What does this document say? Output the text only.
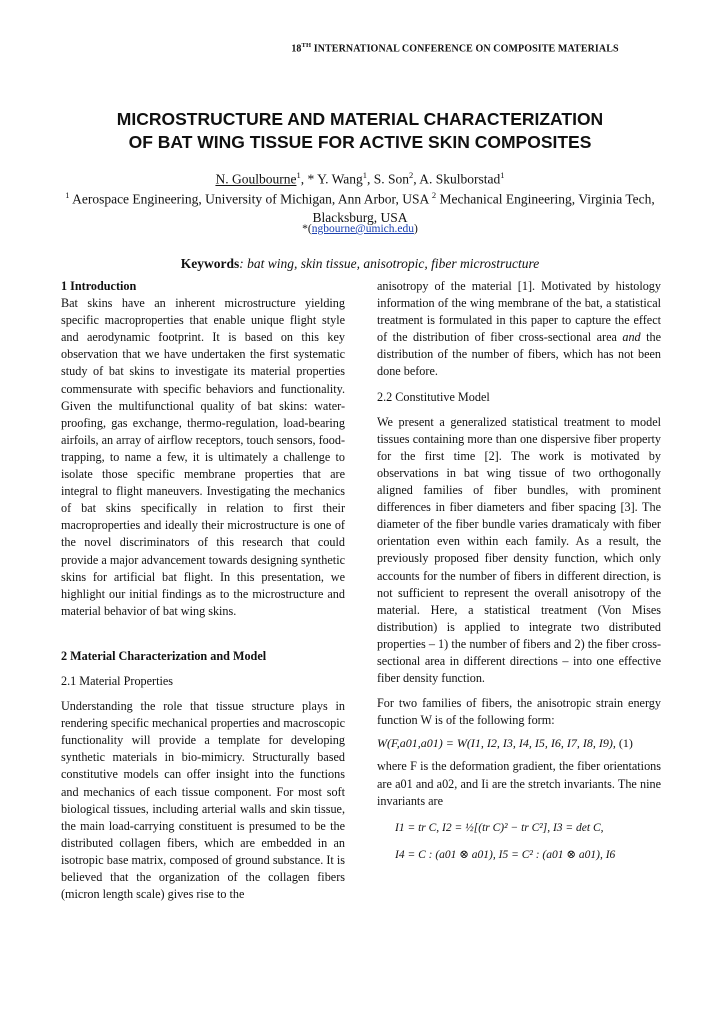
18TH INTERNATIONAL CONFERENCE ON COMPOSITE MATERIALS
MICROSTRUCTURE AND MATERIAL CHARACTERIZATION
OF BAT WING TISSUE FOR ACTIVE SKIN COMPOSITES
N. Goulbourne$^1$, * Y. Wang$^1$, S. Son$^2$, A. Skulborstad$^1$
$^1$ Aerospace Engineering, University of Michigan, Ann Arbor, USA $^2$ Mechanical Engineering, Virginia Tech, Blacksburg, USA
*(ngbourne@umich.edu)
Keywords: bat wing, skin tissue, anisotropic, fiber microstructure

1 Introduction

Bat skins have an inherent microstructure yielding specific macroproperties that enable unique flight style and aerodynamic footprint. It is based on this key observation that we have undertaken the first systematic study of bat skins to investigate its material properties commensurate with specific behaviors and functionality. Given the multifunctional quality of bat skins: water-proofing, gas exchange, thermo-regulation, load-bearing airfoils, an array of airflow receptors, touch sensors, food-trapping, to name a few, it is ultimately a challenge to isolate those specific membrane properties that are integral to flight maneuvers. Investigating the mechanics of bat skins specifically in relation to first their macroproperties and ideally their microstructure is one of the novel discriminators of this research that could provide a major advancement towards designing synthetic skins for artificial bat flight. In this presentation, we highlight our initial findings as to the microstructure and material behavior of bat wing skins.

2 Material Characterization and Model

2.1 Material Properties

Understanding the role that tissue structure plays in rendering specific mechanical properties and macroscopic functionality will provide a template for developing synthetic materials in bio-mimicry. Structurally based constitutive models can offer insight into the functions and mechanics of each tissue component. For most soft biological tissues, including arterial walls and skin tissue, the main load-carrying constituent is presumed to be the distributed collagen fibers, which are embedded in an isotropic base matrix, composed of ground substance. It is believed that the organization of the collagen fibers (micron length scale) gives rise to the

anisotropy of the material [1]. Motivated by histology information of the wing membrane of the bat, a statistical treatment is formulated in this paper to capture the effect of the distribution of fiber cross-sectional area and the distribution of the number of fibers, which has not been done before.

2.2 Constitutive Model

We present a generalized statistical treatment to model tissues containing more than one dispersive fiber property for the first time [2]. The work is motivated by observations in bat wing tissue of two orthogonally aligned families of fiber bundles, with prominent differences in fiber diameters and fiber spacing [3]. The diameter of the fiber bundle varies dramaticaly with fiber orientation even within each family. As a result, the previously proposed fiber density function, which only accounts for the number of fibers in different direction, is not sufficient to represent the overall anisotropy of the material. Here, a statistical treatment (Von Mises distribution) is applied to integrate two distributed properties – 1) the number of fibers and 2) the fiber cross-sectional area in different directions – into one effective fiber density function.

For two families of fibers, the anisotropic strain energy function W is of the following form:

W(F,a01,a01) = W(I1, I2, I3, I4, I5, I6, I7, I8, I9), (1)

where F is the deformation gradient, the fiber orientations are a01 and a02, and Ii are the stretch invariants. The nine invariants are

I1 = tr C, I2 = ½[(tr C)² − tr C²], I3 = det C,
I4 = C : (a01 ⊗ a01), I5 = C² : (a01 ⊗ a01), I6
